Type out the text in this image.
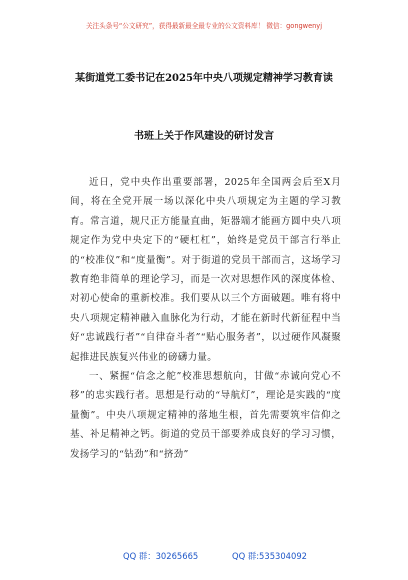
关注头条号“公文研究”，获得最新最全最专业的公文资料库！ 微信：gongwenyj
某街道党工委书记在2025年中央八项规定精神学习教育读
书班上关于作风建设的研讨发言

近日，党中央作出重要部署，2025年全国两会后至X月间，将在全党开展一场以深化中央八项规定为主题的学习教育。常言道，规尺正方能量直曲，矩器端才能画方圆中央八项规定作为党中央定下的“硬杠杠”，始终是党员干部言行举止的“校准仪”和“度量衡”。对于街道的党员干部而言，这场学习教育绝非简单的理论学习，而是一次对思想作风的深度体检、对初心使命的重新校准。我们要从以三个方面破题。唯有将中央八项规定精神融入血脉化为行动，才能在新时代新征程中当好“忠诚践行者”“自律奋斗者”“贴心服务者”，以过硬作风凝聚起推进民族复兴伟业的磅礴力量。

一、紧握“信念之舵”校准思想航向，甘做“赤诚向党心不移”的忠实践行者。思想是行动的“导航灯”，理论是实践的“度量衡”。中央八项规定精神的落地生根，首先需要筑牢信仰之基、补足精神之钙。街道的党员干部要养成良好的学习习惯，发扬学习的“钻劲”和“挤劲”

QQ 群：30265665	QQ 群:535304092
